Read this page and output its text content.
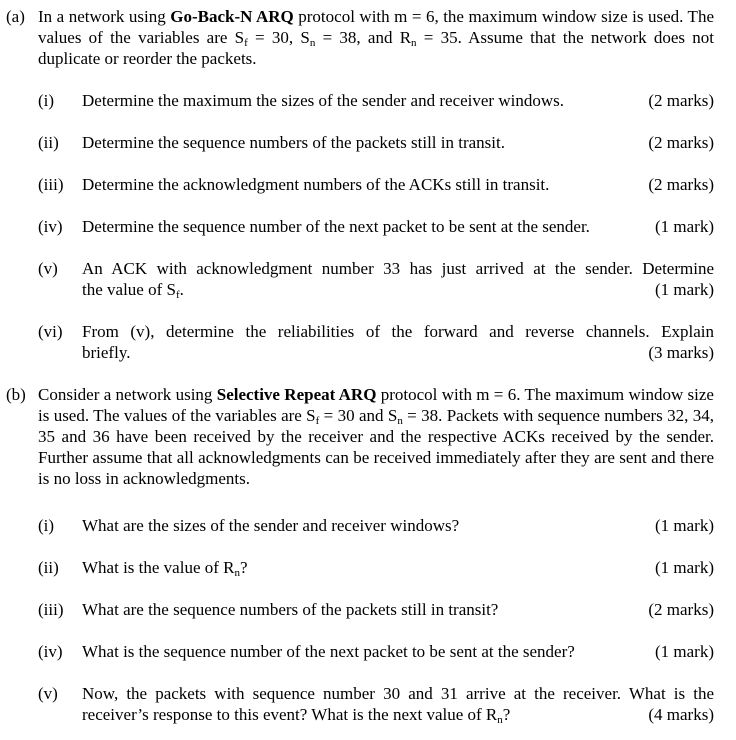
(a) In a network using Go-Back-N ARQ protocol with m = 6, the maximum window size is used. The values of the variables are $S_f = 30$, $S_n = 38$, and $R_n = 35$. Assume that the network does not duplicate or reorder the packets.
(i)	(2 marks)
Determine the maximum the sizes of the sender and receiver windows.
(ii)	(2 marks)
Determine the sequence numbers of the packets still in transit.
(iii)	(2 marks)
Determine the acknowledgment numbers of the ACKs still in transit.
(iv)	(1 mark)
Determine the sequence number of the next packet to be sent at the sender.
(v) An ACK with acknowledgment number 33 has just arrived at the sender. Determine
the value of $S_f$.	(1 mark)
(vi) From (v), determine the reliabilities of the forward and reverse channels. Explain
briefly.	(3 marks)
(b) Consider a network using Selective Repeat ARQ protocol with m = 6. The maximum window size is used. The values of the variables are $S_f = 30$ and $S_n = 38$. Packets with sequence numbers 32, 34, 35 and 36 have been received by the receiver and the respective ACKs received by the sender. Further assume that all acknowledgments can be received immediately after they are sent and there is no loss in acknowledgments.
(i)	(1 mark)
What are the sizes of the sender and receiver windows?
(ii)	(1 mark)
What is the value of $R_n$?
(iii)	(2 marks)
What are the sequence numbers of the packets still in transit?
(iv)	(1 mark)
What is the sequence number of the next packet to be sent at the sender?
(v) Now, the packets with sequence number 30 and 31 arrive at the receiver. What is the
receiver’s response to this event? What is the next value of $R_n$?	(4 marks)
